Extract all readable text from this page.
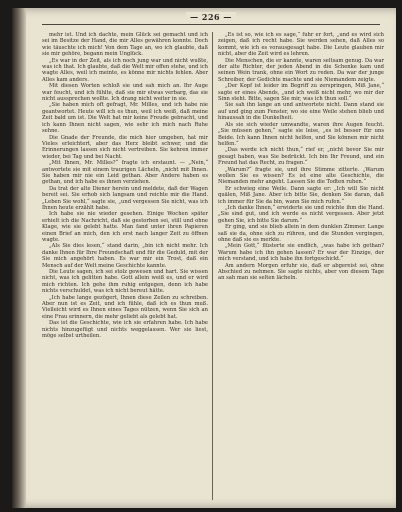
— 226 —

mehr ist. Und ich dachte, mein Glück sei gemacht und ich sei im Besitze der Hand, die mir Alles gewähren konnte. Doch wie täuschte ich mich! Von dem Tage an, wo ich glaubte, daß sie mir gehöre, begann mein Unglück.

„Es war in der Zeit, als ich noch jung war und nicht wußte, was ich that. Ich glaubte, daß die Welt mir offen stehe, und ich wagte Alles, weil ich meinte, es könne mir nichts fehlen. Aber Alles kam anders.

Mit diesen Worten schloß sie und sah mich an. Ihr Auge war feucht, und ich fühlte, daß sie mir etwas verbarg, das sie nicht aussprechen wollte. Ich drang nicht weiter in sie.

„Sie haben mich oft gefragt, Mr. Milles, und ich habe nie geantwortet. Heute will ich es thun, weil ich weiß, daß meine Zeit bald um ist. Die Welt hat mir keine Freude gebracht, und ich kann Ihnen nicht sagen, wie sehr ich mich nach Ruhe sehne.

Die Gnade der Freunde, die mich hier umgeben, hat mir Vieles erleichtert, aber das Herz bleibt schwer, und die Erinnerungen lassen sich nicht vertreiben. Sie kehren immer wieder, bei Tag und bei Nacht.

„Mit Ihnen, Mr. Milles?“ fragte ich erstaunt. — „Nein,“ antwortete sie mit einem traurigen Lächeln, „nicht mit Ihnen. Sie haben mir nie ein Leid gethan. Aber Andere haben es gethan, und ich habe es ihnen verziehen.

Da trat der alte Diener herein und meldete, daß der Wagen bereit sei. Sie erhob sich langsam und reichte mir die Hand. „Leben Sie wohl,“ sagte sie, „und vergessen Sie nicht, was ich Ihnen heute erzählt habe.

Ich habe sie nie wieder gesehen. Einige Wochen später erhielt ich die Nachricht, daß sie gestorben sei, still und ohne Klage, wie sie gelebt hatte. Man fand unter ihren Papieren einen Brief an mich, den ich erst nach langer Zeit zu öffnen wagte.

„Als Sie dies lesen,“ stand darin, „bin ich nicht mehr. Ich danke Ihnen für Ihre Freundschaft und für die Geduld, mit der Sie mich angehört haben. Es war mir ein Trost, daß ein Mensch auf der Welt meine Geschichte kannte.

Die Leute sagen, ich sei stolz gewesen und hart. Sie wissen nicht, was ich gelitten habe. Gott allein weiß es, und er wird mich richten. Ich gehe ihm ruhig entgegen, denn ich habe nichts verschuldet, was ich nicht bereut hätte.

„Ich habe lange gezögert, Ihnen diese Zeilen zu schreiben. Aber nun ist es Zeit, und ich fühle, daß ich es thun muß. Vielleicht wird es Ihnen eines Tages nützen, wenn Sie sich an eine Frau erinnern, die mehr geliebt als gelebt hat.

Das ist die Geschichte, wie ich sie erfahren habe. Ich habe nichts hinzugefügt und nichts weggelassen. Wer sie liest, möge selbst urtheilen.

„Es ist so, wie ich es sage,“ fuhr er fort, „und es wird sich zeigen, daß ich recht habe. Sie werden sehen, daß Alles so kommt, wie ich es vorausgesagt habe. Die Leute glauben mir nicht, aber die Zeit wird es lehren.

Die Menschen, die er kannte, waren seltsam genug. Da war der alte Richter, der jeden Abend in die Schenke kam und seinen Wein trank, ohne ein Wort zu reden. Da war der junge Schreiber, der Gedichte machte und sie Niemandem zeigte.

„Der Kopf ist leider im Begriff zu zerspringen, Miß Jane,“ sagte er eines Abends, „und ich weiß nicht mehr, wo mir der Sinn steht. Bitte, sagen Sie mir, was ich thun soll.“

Sie sah ihn lange an und antwortete nicht. Dann stand sie auf und ging zum Fenster, wo sie eine Weile stehen blieb und hinaussah in die Dunkelheit.

Als sie sich wieder umwandte, waren ihre Augen feucht. „Sie müssen gehen,“ sagte sie leise, „es ist besser für uns Beide. Ich kann Ihnen nicht helfen, und Sie können mir nicht helfen.“

„Das werde ich nicht thun,“ rief er, „nicht bevor Sie mir gesagt haben, was Sie bedrückt. Ich bin Ihr Freund, und ein Freund hat das Recht, zu fragen.“

„Warum?“ fragte sie, und ihre Stimme zitterte. „Warum wollen Sie es wissen? Es ist eine alte Geschichte, die Niemanden mehr angeht. Lassen Sie die Todten ruhen.“

Er schwieg eine Weile. Dann sagte er: „Ich will Sie nicht quälen, Miß Jane. Aber ich bitte Sie, denken Sie daran, daß ich immer für Sie da bin, wann Sie mich rufen.“

„Ich danke Ihnen,“ erwiderte sie und reichte ihm die Hand. „Sie sind gut, und ich werde es nicht vergessen. Aber jetzt gehen Sie, ich bitte Sie darum.“

Er ging, und sie blieb allein in dem dunklen Zimmer. Lange saß sie da, ohne sich zu rühren, und die Stunden vergingen, ohne daß sie es merkte.

„Mein Gott,“ flüsterte sie endlich, „was habe ich gethan? Warum habe ich ihn gehen lassen? Er war der Einzige, der mich verstand, und ich habe ihn fortgeschickt.“

Am andern Morgen erfuhr sie, daß er abgereist sei, ohne Abschied zu nehmen. Sie sagte nichts, aber von diesem Tage an sah man sie selten lächeln.
